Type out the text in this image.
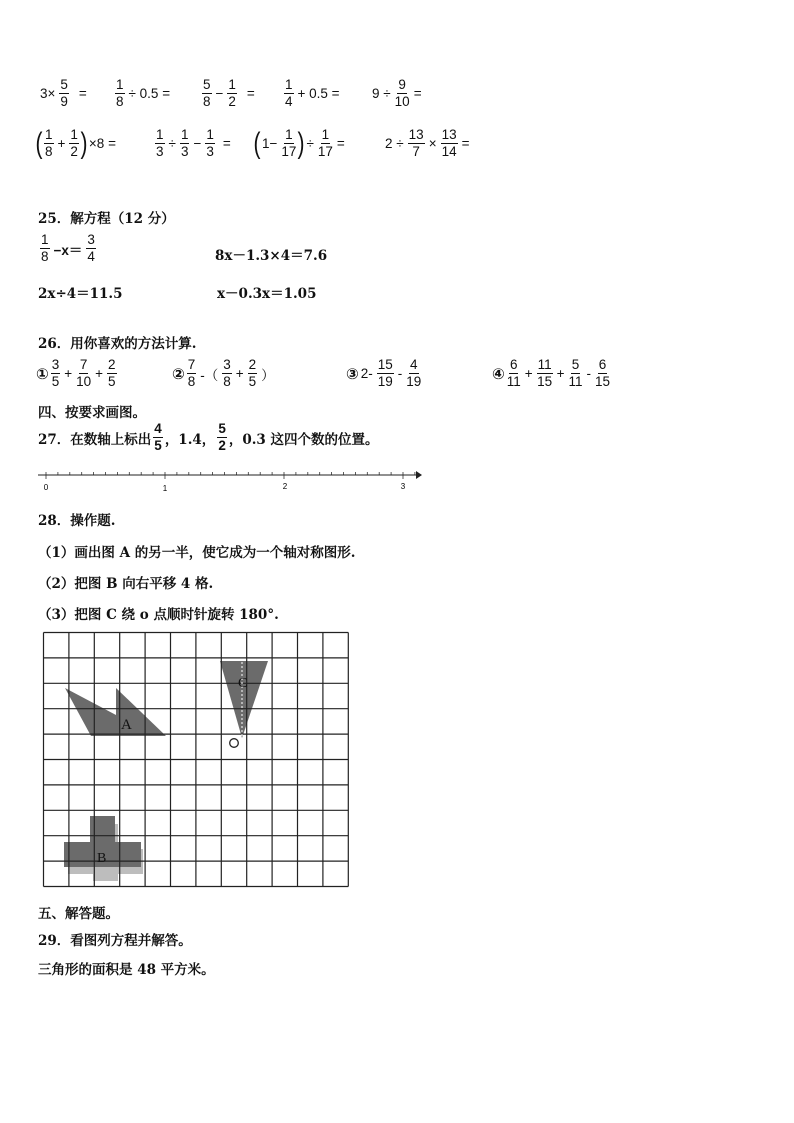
$3\times \frac{5}{9} = \frac{1}{8} \div 0.5 = \frac{5}{8} - \frac{1}{2} = \frac{1}{4} + 0.5 = 9 \div \frac{9}{10}$ =
( $\frac{1}{8} + \frac{1}{2}$ ) ×8 =	$\frac{1}{3} \div \frac{1}{3} - \frac{1}{3}$ = ( $1- \frac{1}{17}$ ) ÷ $\frac{1}{17}$ =	$2 \div \frac{13}{7} \times \frac{13}{14}$ =
25．解方程（12 分）
$\frac{1}{8} -x= \frac{3}{4}$	8x－1.3×4＝7.6
2x÷4＝11.5	x－0.3x＝1.05
26．用你喜欢的方法计算.
① $\frac{3}{5} + \frac{7}{10} + \frac{2}{5}$	② $\frac{7}{8}$ -（ $\frac{3}{8} + \frac{2}{5}$ ）	③ $2- \frac{15}{19} - \frac{4}{19}$	④ $\frac{6}{11} + \frac{11}{15} + \frac{5}{11} - \frac{6}{15}$
四、按要求画图。
27．在数轴上标出 $\frac{4}{5}$ ，1.4， $\frac{5}{2}$ ，0.3 这四个数的位置。
0	1	2	3
28．操作题.
（1）画出图 A 的另一半，使它成为一个轴对称图形.
（2）把图 B 向右平移 4 格.
（3）把图 C 绕 o 点顺时针旋转 180°.
A
B
C
五、解答题。
29．看图列方程并解答。
三角形的面积是 48 平方米。
